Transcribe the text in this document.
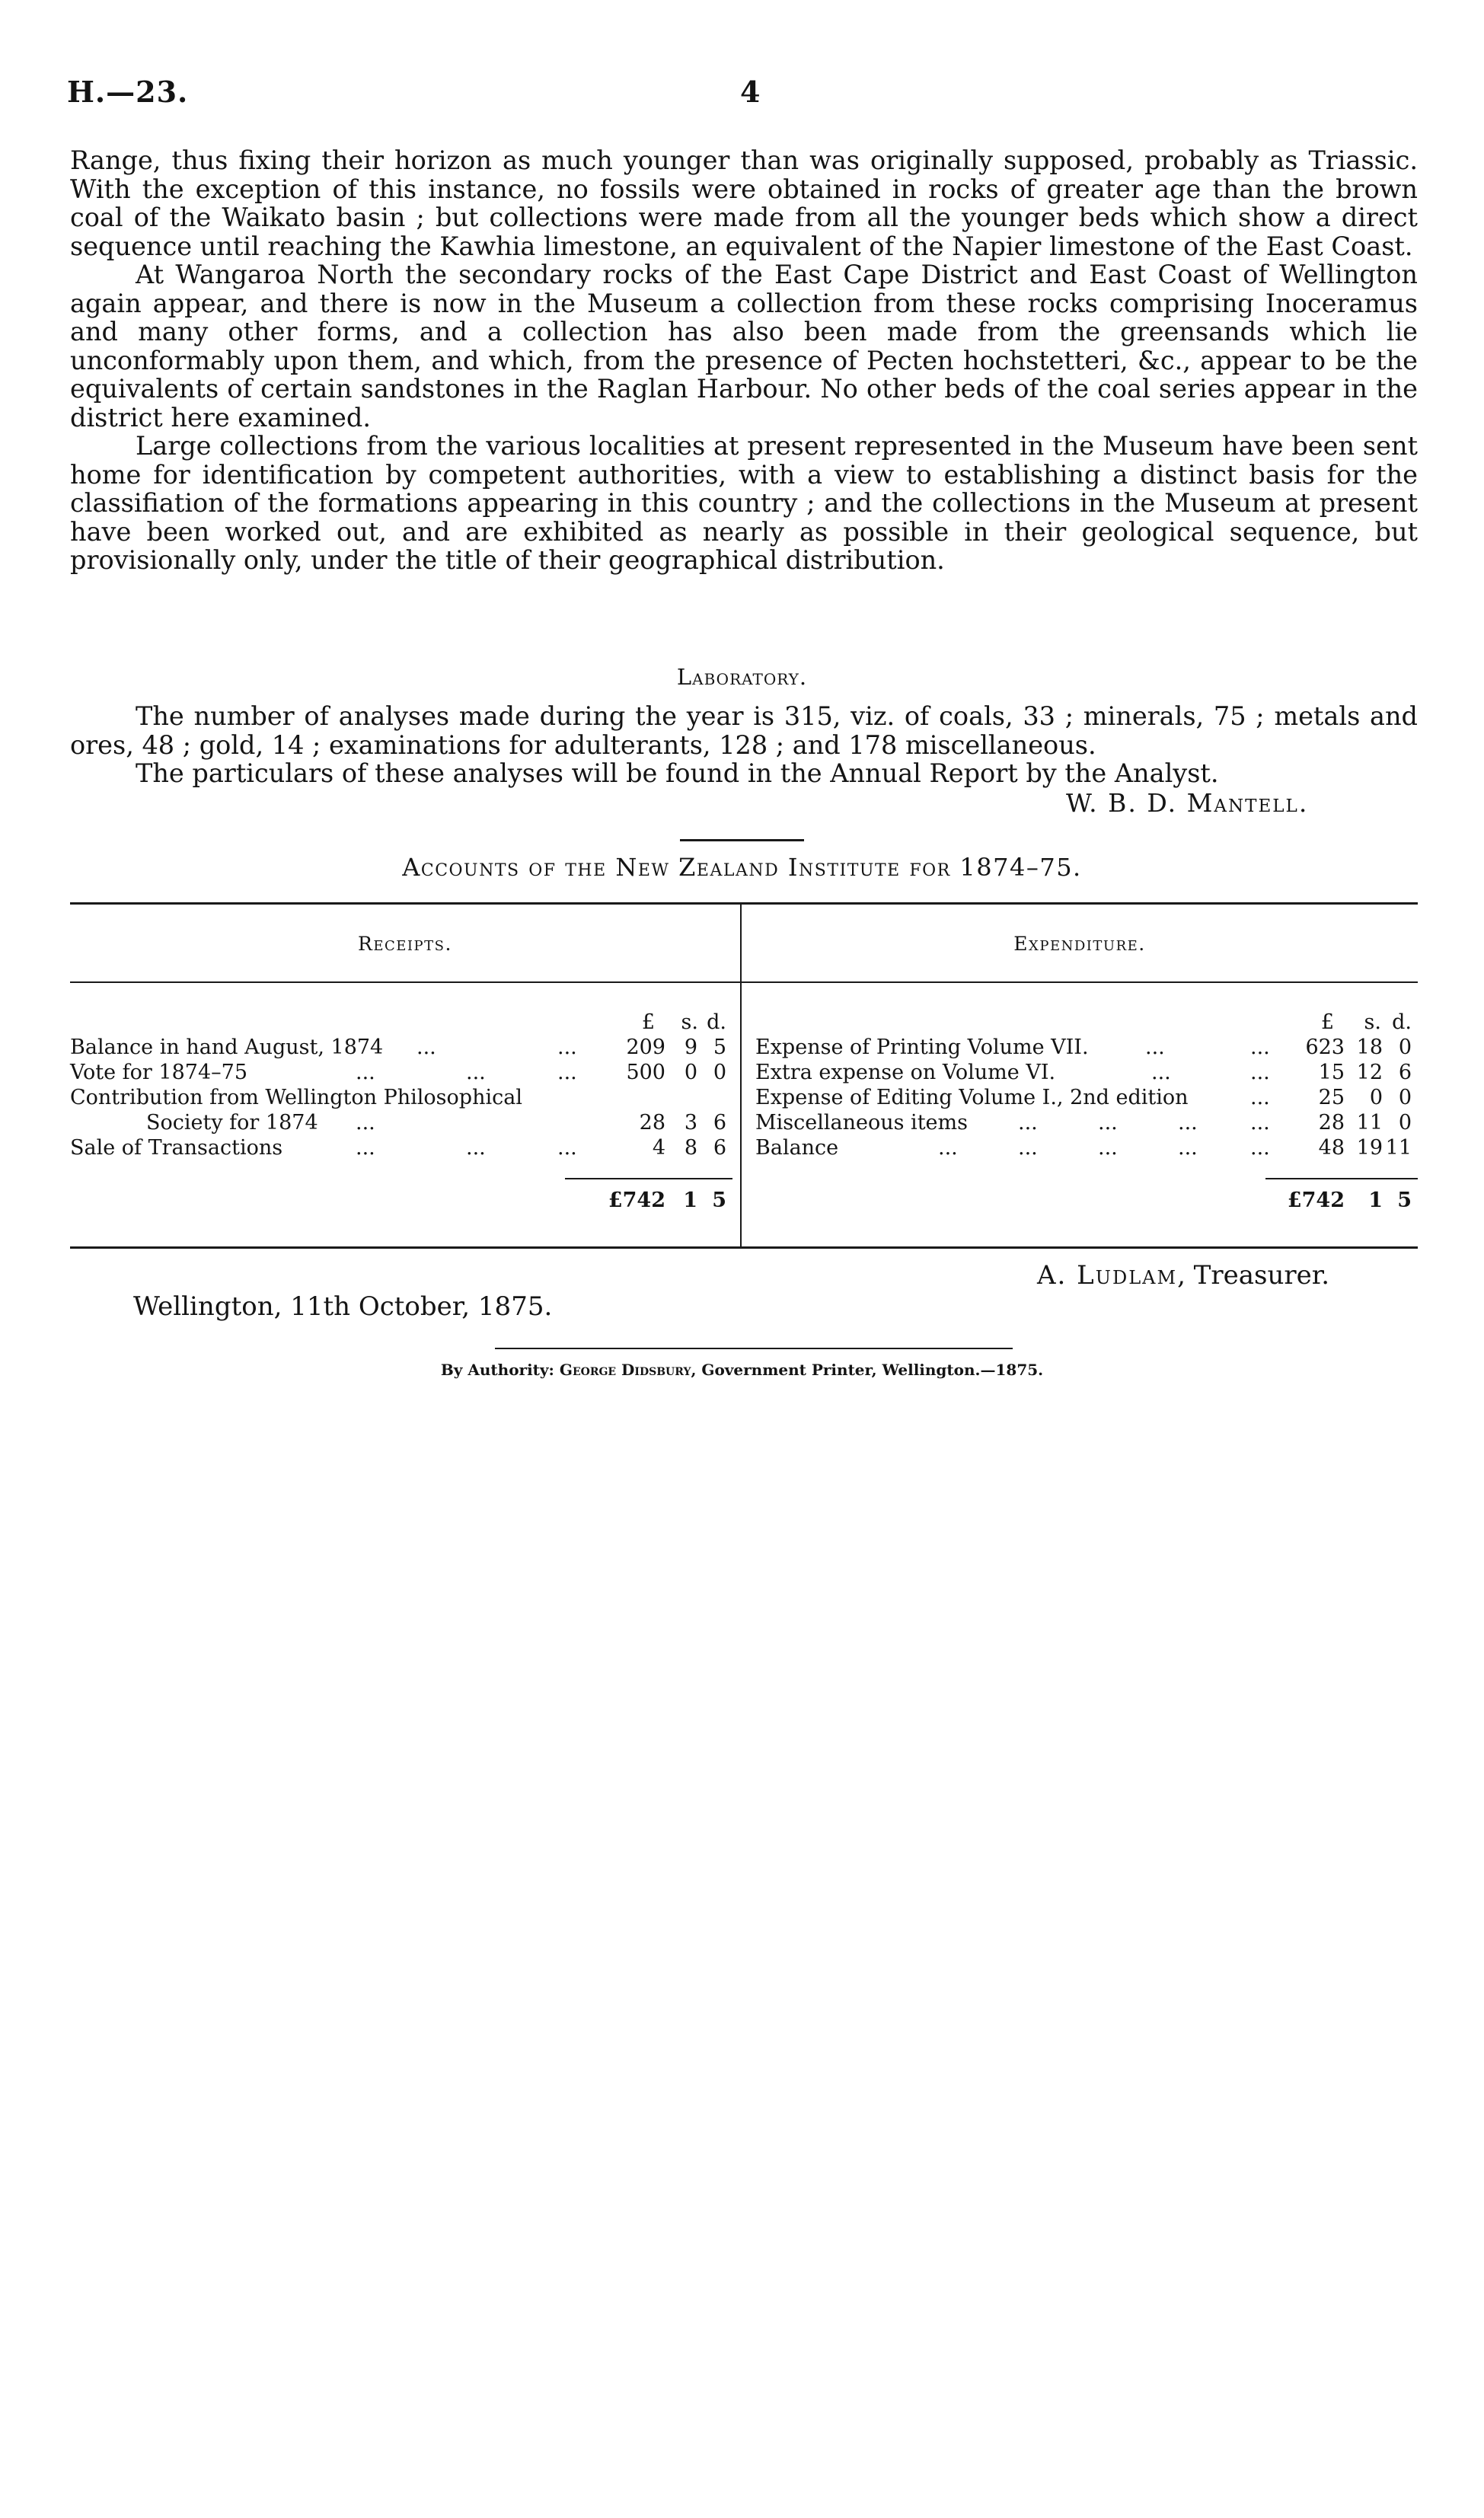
H.—23.	4

Range, thus fixing their horizon as much younger than was originally supposed, probably as Triassic. With the exception of this instance, no fossils were obtained in rocks of greater age than the brown coal of the Waikato basin ; but collections were made from all the younger beds which show a direct sequence until reaching the Kawhia limestone, an equivalent of the Napier limestone of the East Coast.

At Wangaroa North the secondary rocks of the East Cape District and East Coast of Wellington again appear, and there is now in the Museum a collection from these rocks comprising Inoceramus and many other forms, and a collection has also been made from the greensands which lie unconformably upon them, and which, from the presence of Pecten hochstetteri, &c., appear to be the equivalents of certain sandstones in the Raglan Harbour. No other beds of the coal series appear in the district here examined.

Large collections from the various localities at present represented in the Museum have been sent home for identification by competent authorities, with a view to establishing a distinct basis for the classifiation of the formations appearing in this country ; and the collections in the Museum at present have been worked out, and are exhibited as nearly as possible in their geological sequence, but provisionally only, under the title of their geographical distribution.

Laboratory.

The number of analyses made during the year is 315, viz. of coals, 33 ; minerals, 75 ; metals and ores, 48 ; gold, 14 ; examinations for adulterants, 128 ; and 178 miscellaneous.

The particulars of these analyses will be found in the Annual Report by the Analyst.

W. B. D. Mantell.
Accounts of the New Zealand Institute for 1874–75.
Receipts.	Expenditure.
£ s. d.
Balance in hand August, 1874 ...	... 209 9 5
Vote for 1874–75	...	...	... 500 0 0
Contribution from Wellington Philosophical
Society for 1874 ...	28 3 6
Sale of Transactions	...	...	...	4 8 6
£742 1 5
£ s. d.
Expense of Printing Volume VII.	...	... 623 18 0
Extra expense on Volume VI.	...	... 15 12 6
Expense of Editing Volume I., 2nd edition	... 25 0 0
Miscellaneous items ...	...	...	... 28 11 0
Balance	...	...	...	...	... 48 19 11
£742 1 5
A. Ludlam, Treasurer.
Wellington, 11th October, 1875.
By Authority: George Didsbury, Government Printer, Wellington.—1875.
